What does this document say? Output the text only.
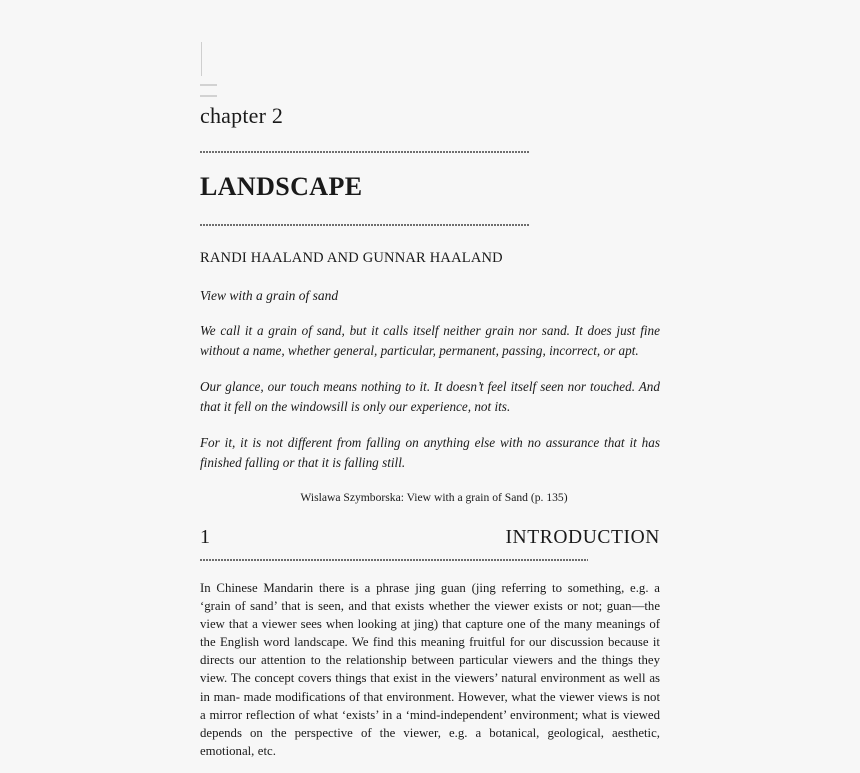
chapter 2
LANDSCAPE
RANDI HAALAND AND GUNNAR HAALAND
View with a grain of sand

We call it a grain of sand, but it calls itself neither grain nor sand. It does just fine without a name, whether general, particular, permanent, passing, incorrect, or apt.

Our glance, our touch means nothing to it. It doesn’t feel itself seen nor touched. And that it fell on the windowsill is only our experience, not its.

For it, it is not different from falling on anything else with no assurance that it has finished falling or that it is falling still.

Wislawa Szymborska: View with a grain of Sand (p. 135)
1	INTRODUCTION

In Chinese Mandarin there is a phrase jing guan (jing referring to something, e.g. a ‘grain of sand’ that is seen, and that exists whether the viewer exists or not; guan—the view that a viewer sees when looking at jing) that capture one of the many meanings of the English word landscape. We find this meaning fruitful for our discussion because it directs our attention to the relationship between particular viewers and the things they view. The concept covers things that exist in the viewers’ natural environment as well as in man- made modifications of that environment. However, what the viewer views is not a mirror reflection of what ‘exists’ in a ‘mind-independent’ environment; what is viewed depends on the perspective of the viewer, e.g. a botanical, geological, aesthetic, emotional, etc.
